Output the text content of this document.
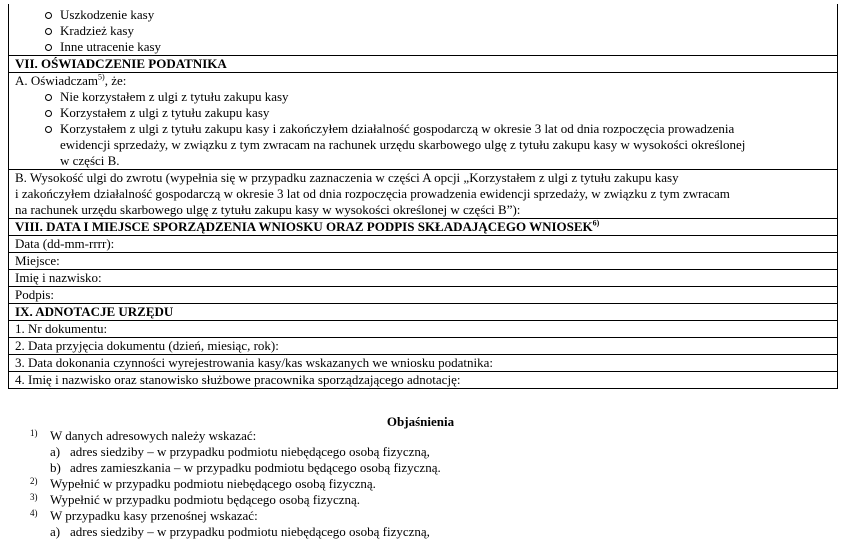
Uszkodzenie kasy
Kradzież kasy
Inne utracenie kasy
VII. OŚWIADCZENIE PODATNIKA
A. Oświadczam$^{5)}$, że:
Nie korzystałem z ulgi z tytułu zakupu kasy
Korzystałem z ulgi z tytułu zakupu kasy
Korzystałem z ulgi z tytułu zakupu kasy i zakończyłem działalność gospodarczą w okresie 3 lat od dnia rozpoczęcia prowadzenia
ewidencji sprzedaży, w związku z tym zwracam na rachunek urzędu skarbowego ulgę z tytułu zakupu kasy w wysokości określonej
w części B.
B. Wysokość ulgi do zwrotu (wypełnia się w przypadku zaznaczenia w części A opcji „Korzystałem z ulgi z tytułu zakupu kasy
i zakończyłem działalność gospodarczą w okresie 3 lat od dnia rozpoczęcia prowadzenia ewidencji sprzedaży, w związku z tym zwracam
na rachunek urzędu skarbowego ulgę z tytułu zakupu kasy w wysokości określonej w części B”):
VIII. DATA I MIEJSCE SPORZĄDZENIA WNIOSKU ORAZ PODPIS SKŁADAJĄCEGO WNIOSEK$^{6)}$
Data (dd-mm-rrrr):
Miejsce:
Imię i nazwisko:
Podpis:
IX. ADNOTACJE URZĘDU
1. Nr dokumentu:
2. Data przyjęcia dokumentu (dzień, miesiąc, rok):
3. Data dokonania czynności wyrejestrowania kasy/kas wskazanych we wniosku podatnika:
4. Imię i nazwisko oraz stanowisko służbowe pracownika sporządzającego adnotację:
Objaśnienia
1) W danych adresowych należy wskazać:
a) adres siedziby – w przypadku podmiotu niebędącego osobą fizyczną,
b) adres zamieszkania – w przypadku podmiotu będącego osobą fizyczną.
2) Wypełnić w przypadku podmiotu niebędącego osobą fizyczną.
3) Wypełnić w przypadku podmiotu będącego osobą fizyczną.
4) W przypadku kasy przenośnej wskazać:
a) adres siedziby – w przypadku podmiotu niebędącego osobą fizyczną,
